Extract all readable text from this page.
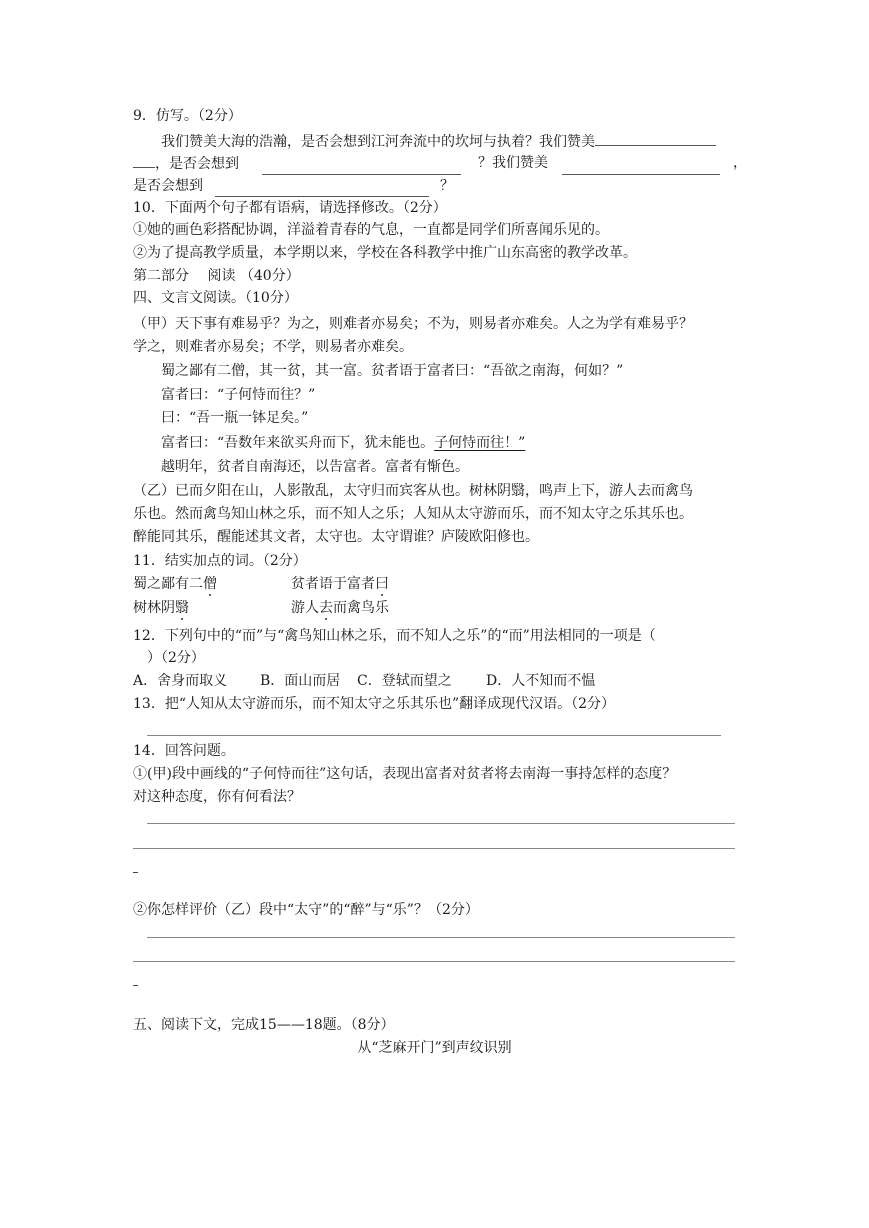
9．仿写。（2分）
我们赞美大海的浩瀚，是否会想到江河奔流中的坎坷与执着？我们赞美
，是否会想到	？我们赞美	，
是否会想到	？
10．下面两个句子都有语病，请选择修改。（2分）
①她的画色彩搭配协调，洋溢着青春的气息，一直都是同学们所喜闻乐见的。
②为了提高教学质量，本学期以来，学校在各科教学中推广山东高密的教学改革。
第二部分　 阅读 （40分）
四、文言文阅读。（10分）
（甲）天下事有难易乎？为之，则难者亦易矣；不为，则易者亦难矣。人之为学有难易乎？
学之，则难者亦易矣；不学，则易者亦难矣。
蜀之鄙有二僧，其一贫，其一富。贫者语于富者曰：“吾欲之南海，何如？”
富者曰：“子何恃而往？”
曰：“吾一瓶一钵足矣。”
富者曰：“吾数年来欲买舟而下，犹未能也。子何恃而往！”
越明年，贫者自南海还，以告富者。富者有惭色。
（乙）已而夕阳在山，人影散乱，太守归而宾客从也。树林阴翳，鸣声上下，游人去而禽鸟
乐也。然而禽鸟知山林之乐，而不知人之乐；人知从太守游而乐，而不知太守之乐其乐也。
醉能同其乐，醒能述其文者，太守也。太守谓谁？庐陵欧阳修也。
11．结实加点的词。（2分）
蜀之鄙有二僧	贫者语于富者曰
树林阴翳	游人去而禽鸟乐
12．下列句中的“而”与“禽鸟知山林之乐，而不知人之乐”的“而”用法相同的一项是（
）（2分）
A．舍身而取义 B．面山而居 C．登轼而望之 D．人不知而不愠
13．把“人知从太守游而乐，而不知太守之乐其乐也”翻译成现代汉语。（2分）
14．回答问题。
①(甲)段中画线的“子何恃而往”这句话，表现出富者对贫者将去南海一事持怎样的态度？
对这种态度，你有何看法？
②你怎样评价（乙）段中“太守”的“醉”与“乐”？（2分）
五、阅读下文，完成15——18题。（8分）
从“芝麻开门”到声纹识别
